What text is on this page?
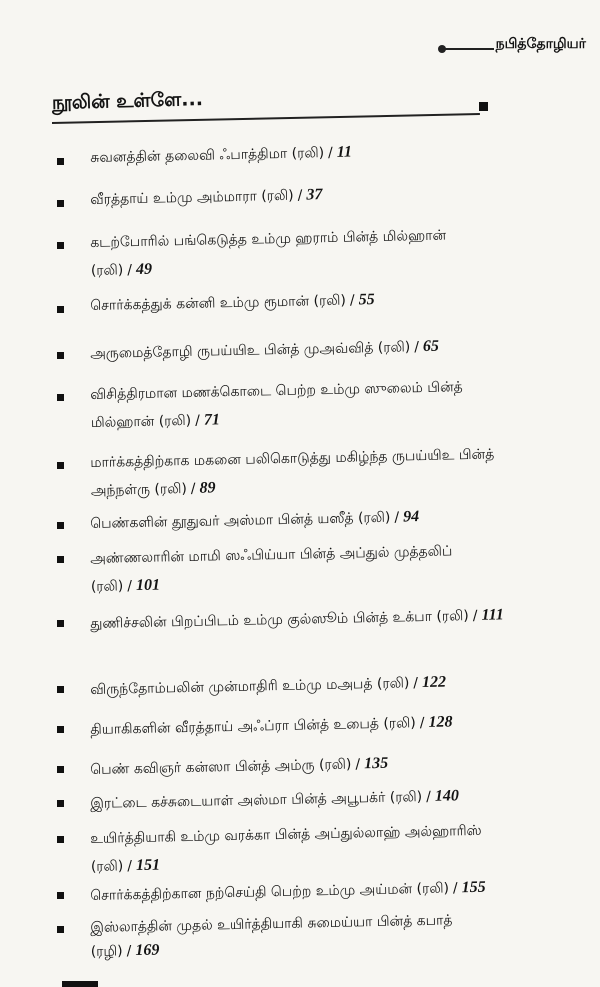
நபித்தோழியர்
நூலின் உள்ளே...
சுவனத்தின் தலைவி ஃபாத்திமா (ரலி) / 11
வீரத்தாய் உம்மு அம்மாரா (ரலி) / 37
கடற்போரில் பங்கெடுத்த உம்மு ஹராம் பின்த் மில்ஹான் (ரலி) / 49
சொர்க்கத்துக் கன்னி உம்மு ரூமான் (ரலி) / 55
அருமைத்தோழி ருபய்யிஉ பின்த் முஅவ்வித் (ரலி) / 65
விசித்திரமான மணக்கொடை பெற்ற உம்மு ஸுலைம் பின்த் மில்ஹான் (ரலி) / 71
மார்க்கத்திற்காக மகனை பலிகொடுத்து மகிழ்ந்த ருபய்யிஉ பின்த் அந்நள்ரு (ரலி) / 89
பெண்களின் தூதுவர் அஸ்மா பின்த் யஸீத் (ரலி) / 94
அண்ணலாரின் மாமி ஸஃபிய்யா பின்த் அப்துல் முத்தலிப் (ரலி) / 101
துணிச்சலின் பிறப்பிடம் உம்மு குல்ஸூம் பின்த் உக்பா (ரலி) / 111
விருந்தோம்பலின் முன்மாதிரி உம்மு மஅபத் (ரலி) / 122
தியாகிகளின் வீரத்தாய் அஃப்ரா பின்த் உபைத் (ரலி) / 128
பெண் கவிஞர் கன்ஸா பின்த் அம்ரு (ரலி) / 135
இரட்டை கச்சுடையாள் அஸ்மா பின்த் அபூபக்ர் (ரலி) / 140
உயிர்த்தியாகி உம்மு வரக்கா பின்த் அப்துல்லாஹ் அல்ஹாரிஸ் (ரலி) / 151
சொர்க்கத்திற்கான நற்செய்தி பெற்ற உம்மு அய்மன் (ரலி) / 155
இஸ்லாத்தின் முதல் உயிர்த்தியாகி சுமைய்யா பின்த் கபாத் (ரழி) / 169
